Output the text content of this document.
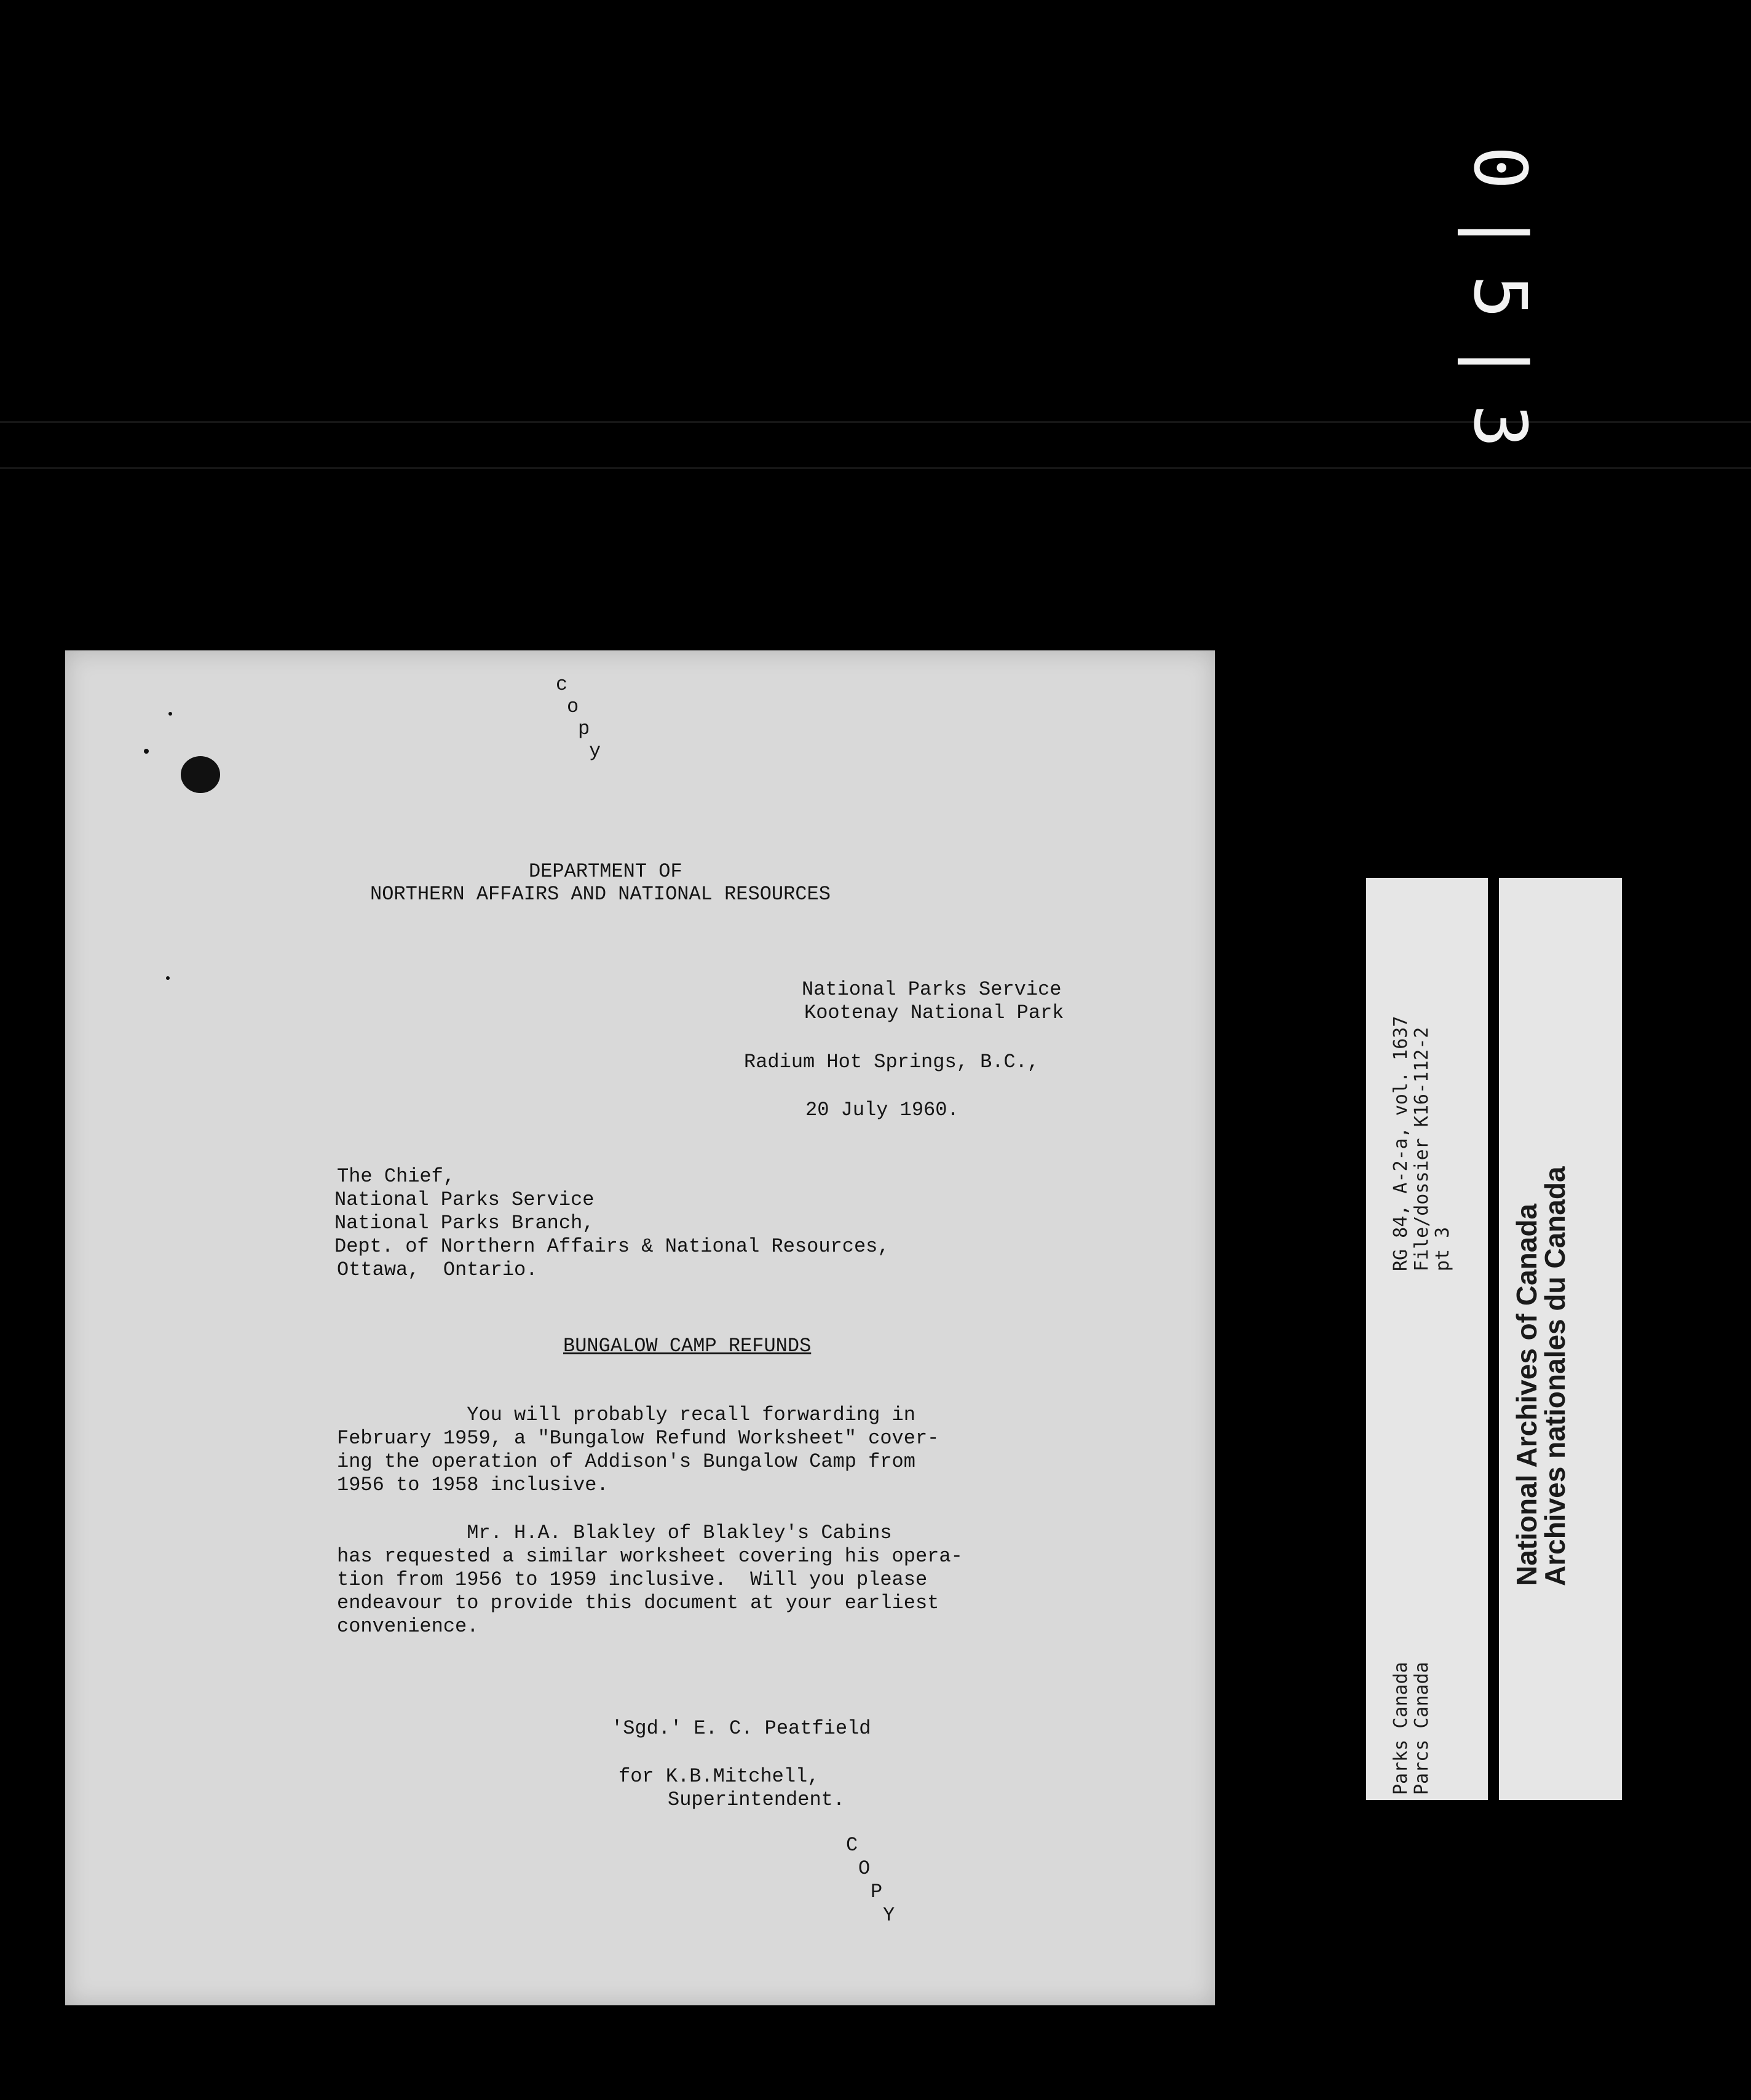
0|5|3
c
o
p
y
DEPARTMENT OF
NORTHERN AFFAIRS AND NATIONAL RESOURCES
National Parks Service
Kootenay National Park
Radium Hot Springs, B.C.,
20 July 1960.
The Chief,
National Parks Service
National Parks Branch,
Dept. of Northern Affairs & National Resources,
Ottawa,  Ontario.
BUNGALOW CAMP REFUNDS
You will probably recall forwarding in
February 1959, a "Bungalow Refund Worksheet" cover-
ing the operation of Addison's Bungalow Camp from
1956 to 1958 inclusive.
Mr. H.A. Blakley of Blakley's Cabins
has requested a similar worksheet covering his opera-
tion from 1956 to 1959 inclusive.  Will you please
endeavour to provide this document at your earliest
convenience.
'Sgd.' E. C. Peatfield
for K.B.Mitchell,
Superintendent.
C
O
P
Y
RG 84, A-2-a, vol. 1637 File/dossier K16-112-2 pt 3
Parks Canada Parcs Canada
National Archives of Canada
Archives nationales du Canada
